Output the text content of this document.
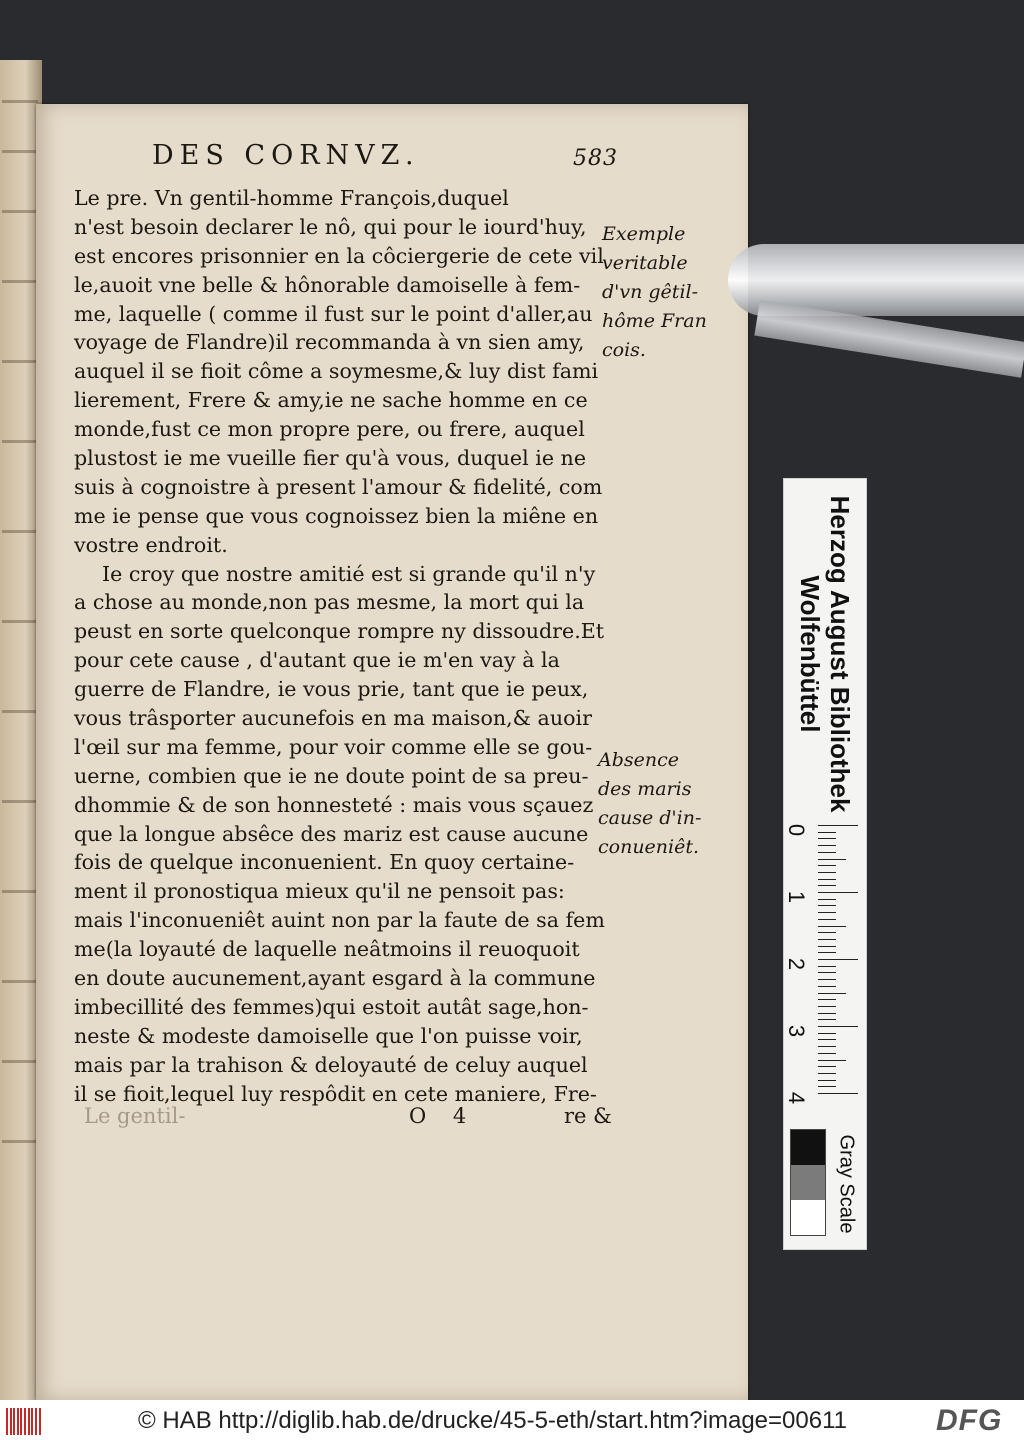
DES CORNVZ.	583
Le pre. Vn gentil-homme François,duquel
n'est besoin declarer le nô, qui pour le iourd'huy,
est encores prisonnier en la côciergerie de cete vil
le,auoit vne belle & hônorable damoiselle à fem-
me, laquelle ( comme il fust sur le point d'aller,au
voyage de Flandre)il recommanda à vn sien amy,
auquel il se fioit côme a soymesme,& luy dist fami
lierement, Frere & amy,ie ne sache homme en ce
monde,fust ce mon propre pere, ou frere, auquel
plustost ie me vueille fier qu'à vous, duquel ie ne
suis à cognoistre à present l'amour & fidelité, com
me ie pense que vous cognoissez bien la miêne en
vostre endroit.
Ie croy que nostre amitié est si grande qu'il n'y
a chose au monde,non pas mesme, la mort qui la
peust en sorte quelconque rompre ny dissoudre.Et
pour cete cause , d'autant que ie m'en vay à la
guerre de Flandre, ie vous prie, tant que ie peux,
vous trâsporter aucunefois en ma maison,& auoir
l'œil sur ma femme, pour voir comme elle se gou-
uerne, combien que ie ne doute point de sa preu-
dhommie & de son honnesteté : mais vous sçauez
que la longue absêce des mariz est cause aucune
fois de quelque inconuenient. En quoy certaine-
ment il pronostiqua mieux qu'il ne pensoit pas:
mais l'inconueniêt auint non par la faute de sa fem
me(la loyauté de laquelle neâtmoins il reuoquoit
en doute aucunement,ayant esgard à la commune
imbecillité des femmes)qui estoit autât sage,hon-
neste & modeste damoiselle que l'on puisse voir,
mais par la trahison & deloyauté de celuy auquel
il se fioit,lequel luy respôdit en cete maniere, Fre-
Exemple
veritable
d'vn gêtil-
hôme Fran
cois.
Absence
des maris
cause d'in-
conueniêt.
Le gentil-	O 4	re &
Herzog August Bibliothek
Wolfenbüttel
0
1
2
3
4
Gray Scale
© HAB http://diglib.hab.de/drucke/45-5-eth/start.htm?image=00611	DFG
